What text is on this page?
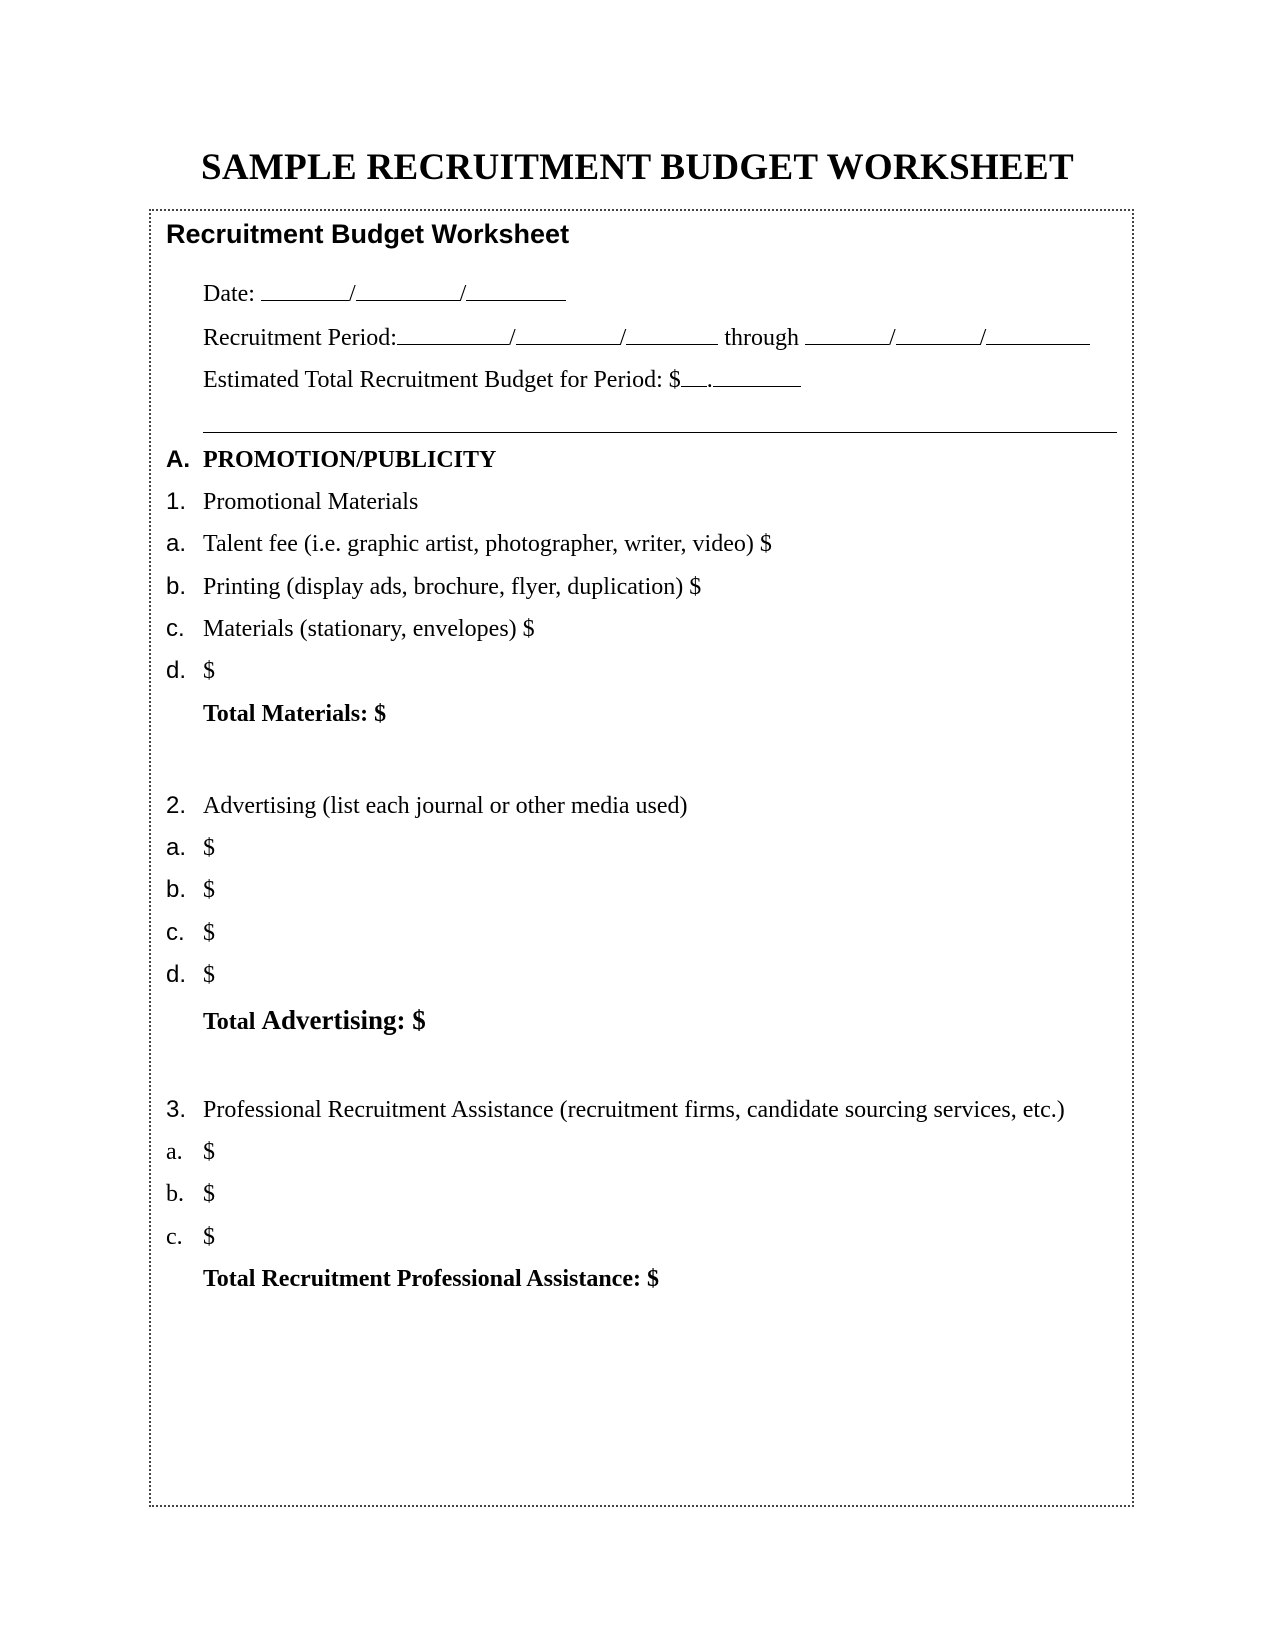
SAMPLE RECRUITMENT BUDGET WORKSHEET
Recruitment Budget Worksheet
Date:	/	/
Recruitment Period:	/	/	through	/	/
Estimated Total Recruitment Budget for Period: $ .
A. PROMOTION/PUBLICITY
1. Promotional Materials
a. Talent fee (i.e. graphic artist, photographer, writer, video) $
b. Printing (display ads, brochure, flyer, duplication) $
c. Materials (stationary, envelopes) $
d. $
Total Materials: $
2. Advertising (list each journal or other media used)
a. $
b. $
c. $
d. $
Total Advertising: $
3. Professional Recruitment Assistance (recruitment firms, candidate sourcing services, etc.)
a. $
b. $
c. $
Total Recruitment Professional Assistance: $
